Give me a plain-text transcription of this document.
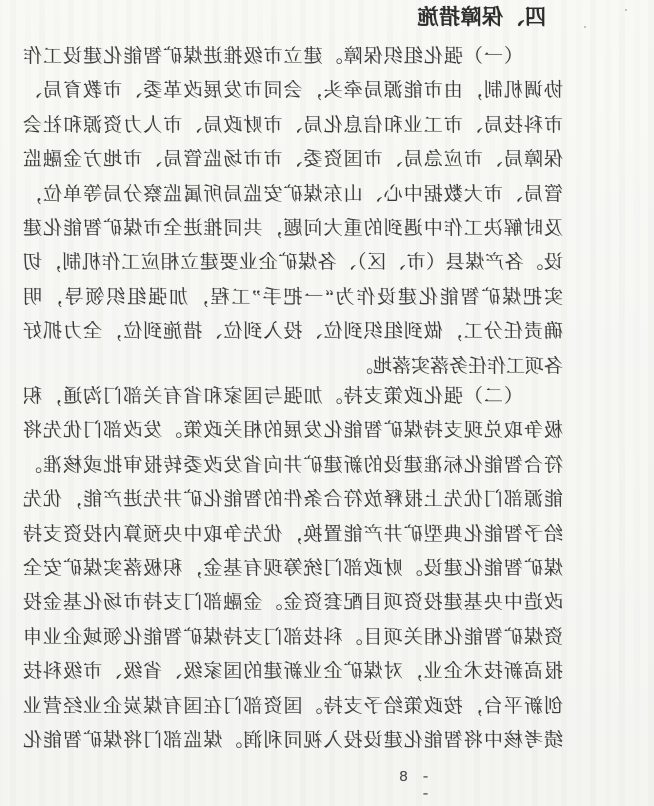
四、保障措施
（一）强化组织保障。建立市级推进煤矿智能化建设工作
协调机制，由市能源局牵头，会同市发展改革委、市教育局、
市科技局、市工业和信息化局、市财政局、市人力资源和社会
保障局、市应急局、市国资委、市市场监管局、市地方金融监
管局、市大数据中心、山东煤矿安监局所属监察分局等单位，
及时解决工作中遇到的重大问题，共同推进全市煤矿智能化建
设。各产煤县（市、区）、各煤矿企业要建立相应工作机制，切
实把煤矿智能化建设作为“一把手”工程，加强组织领导，明
确责任分工，做到组织到位、投入到位、措施到位，全力抓好
各项工作任务落实落地。
（二）强化政策支持。加强与国家和省有关部门沟通，积
极争取兑现支持煤矿智能化发展的相关政策。发改部门优先将
符合智能化标准建设的新建矿井向省发改委转报审批或核准。
能源部门优先上报释放符合条件的智能化矿井先进产能，优先
给予智能化典型矿井产能置换，优先争取中央预算内投资支持
煤矿智能化建设。财政部门统筹现有基金，积极落实煤矿安全
改造中央基建投资项目配套资金。金融部门支持市场化基金投
资煤矿智能化相关项目。科技部门支持煤矿智能化领域企业申
报高新技术企业，对煤矿企业新建的国家级、省级、市级科技
创新平台，按政策给予支持。国资部门在国有煤炭企业经营业
绩考核中将智能化建设投入视同利润。煤监部门将煤矿智能化
- 8 -
